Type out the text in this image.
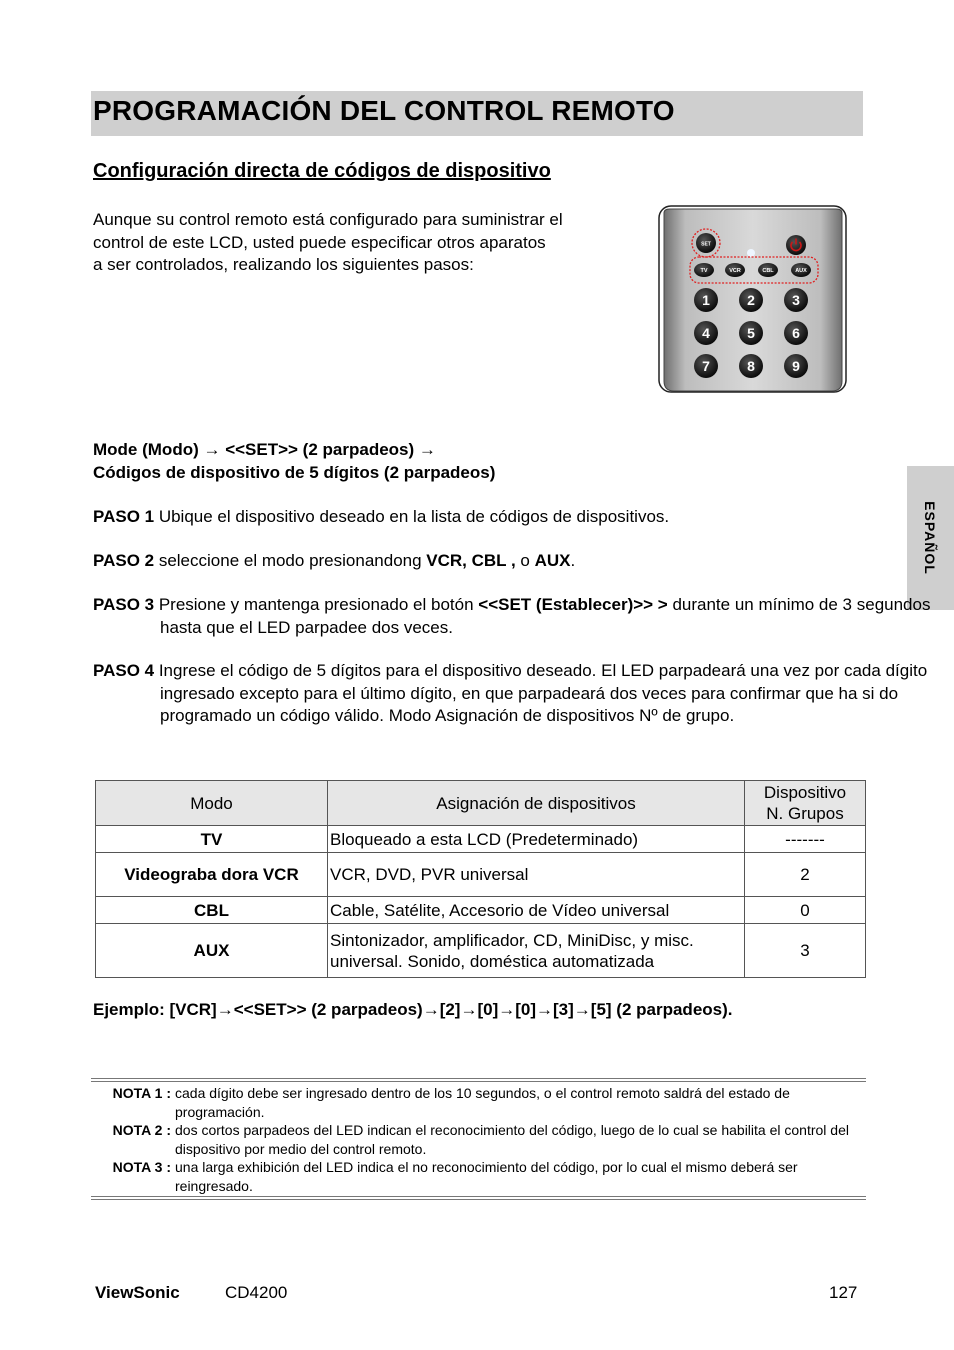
PROGRAMACIÓN DEL CONTROL REMOTO
Configuración directa de códigos de dispositivo

Aunque su control remoto está configurado para suministrar el
control de este LCD, usted puede especificar otros aparatos
a ser controlados, realizando los siguientes pasos:

SET
TV	VCR	CBL	AUX
1	2	3
4	5	6
7	8	9
ESPAÑOL

Mode (Modo) → <<SET>> (2 parpadeos) →
Códigos de dispositivo de 5 dígitos (2 parpadeos)

PASO 1 Ubique el dispositivo deseado en la lista de códigos de dispositivos.

PASO 2 seleccione el modo presionandong VCR, CBL , o AUX.

PASO 3 Presione y mantenga presionado el botón <<SET (Establecer)>> > durante un mínimo de 3 segundos hasta que el LED parpadee dos veces.

PASO 4 Ingrese el código de 5 dígitos para el dispositivo deseado. El LED parpadeará una vez por cada dígito ingresado excepto para el último dígito, en que parpadeará dos veces para confirmar que ha si do programado un código válido. Modo Asignación de dispositivos Nº de grupo.

Modo	Asignación de dispositivos	Dispositivo
N. Grupos
TV	Bloqueado a esta LCD (Predeterminado)	-------
Videograba dora VCR	VCR, DVD, PVR universal	2
CBL	Cable, Satélite, Accesorio de Vídeo universal	0
AUX	Sintonizador, amplificador, CD, MiniDisc, y misc.
universal. Sonido, doméstica automatizada	3

Ejemplo: [VCR]→<<SET>> (2 parpadeos)→[2]→[0]→[0]→[3]→[5] (2 parpadeos).

NOTA 1 : cada dígito debe ser ingresado dentro de los 10 segundos, o el control remoto saldrá del estado de programación.

NOTA 2 : dos cortos parpadeos del LED indican el reconocimiento del código, luego de lo cual se habilita el control del dispositivo por medio del control remoto.

NOTA 3 : una larga exhibición del LED indica el no reconocimiento del código, por lo cual el mismo deberá ser reingresado.

ViewSonic	CD4200	127
